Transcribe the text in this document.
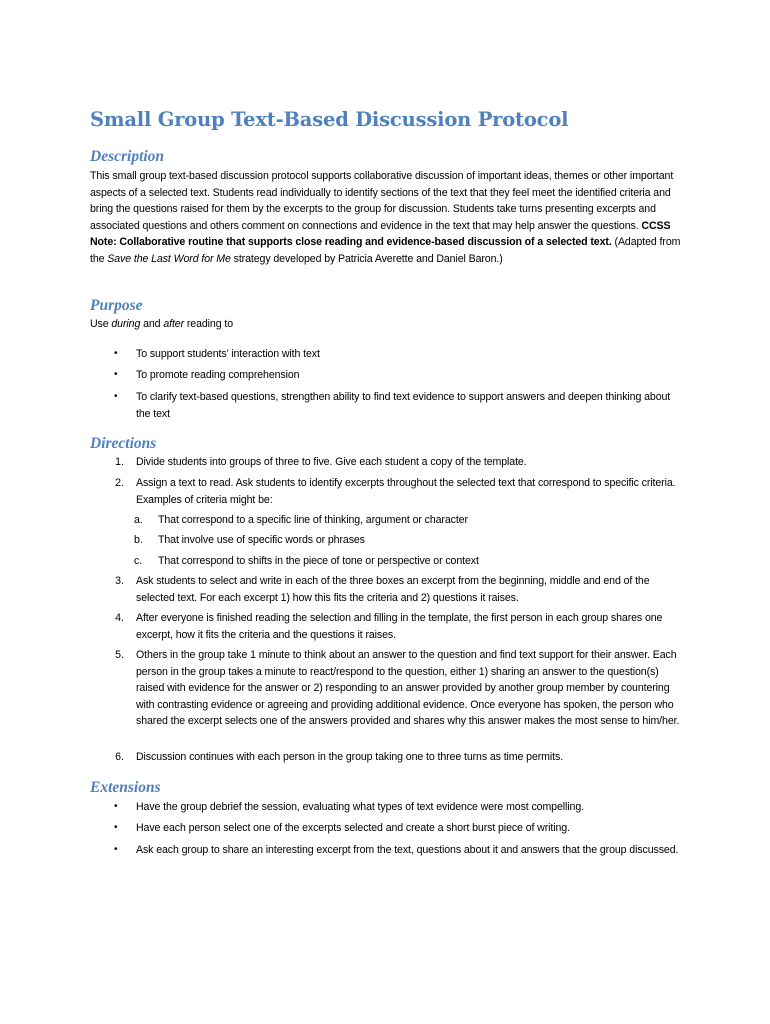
Small Group Text-Based Discussion Protocol
Description

This small group text-based discussion protocol supports collaborative discussion of important ideas, themes or other important aspects of a selected text. Students read individually to identify sections of the text that they feel meet the identified criteria and bring the questions raised for them by the excerpts to the group for discussion. Students take turns presenting excerpts and associated questions and others comment on connections and evidence in the text that may help answer the questions. CCSS Note: Collaborative routine that supports close reading and evidence-based discussion of a selected text. (Adapted from the Save the Last Word for Me strategy developed by Patricia Averette and Daniel Baron.)

Purpose
Use during and after reading to
• To support students’ interaction with text

• To promote reading comprehension

• To clarify text-based questions, strengthen ability to find text evidence to support answers and deepen thinking about the text

Directions
1 . Divide students into groups of three to five. Give each student a copy of the template.

2 . Assign a text to read. Ask students to identify excerpts throughout the selected text that correspond to specific criteria. Examples of criteria might be:

a . That correspond to a specific line of thinking, argument or character

b . That involve use of specific words or phrases

c . That correspond to shifts in the piece of tone or perspective or context

3 . Ask students to select and write in each of the three boxes an excerpt from the beginning, middle and end of the selected text. For each excerpt 1) how this fits the criteria and 2) questions it raises.

4 . After everyone is finished reading the selection and filling in the template, the first person in each group shares one excerpt, how it fits the criteria and the questions it raises.

5 . Others in the group take 1 minute to think about an answer to the question and find text support for their answer. Each person in the group takes a minute to react/respond to the question, either 1) sharing an answer to the question(s) raised with evidence for the answer or 2) responding to an answer provided by another group member by countering with contrasting evidence or agreeing and providing additional evidence. Once everyone has spoken, the person who shared the excerpt selects one of the answers provided and shares why this answer makes the most sense to him/her.

6 . Discussion continues with each person in the group taking one to three turns as time permits.

Extensions
• Have the group debrief the session, evaluating what types of text evidence were most compelling.

• Have each person select one of the excerpts selected and create a short burst piece of writing.

• Ask each group to share an interesting excerpt from the text, questions about it and answers that the group discussed.
